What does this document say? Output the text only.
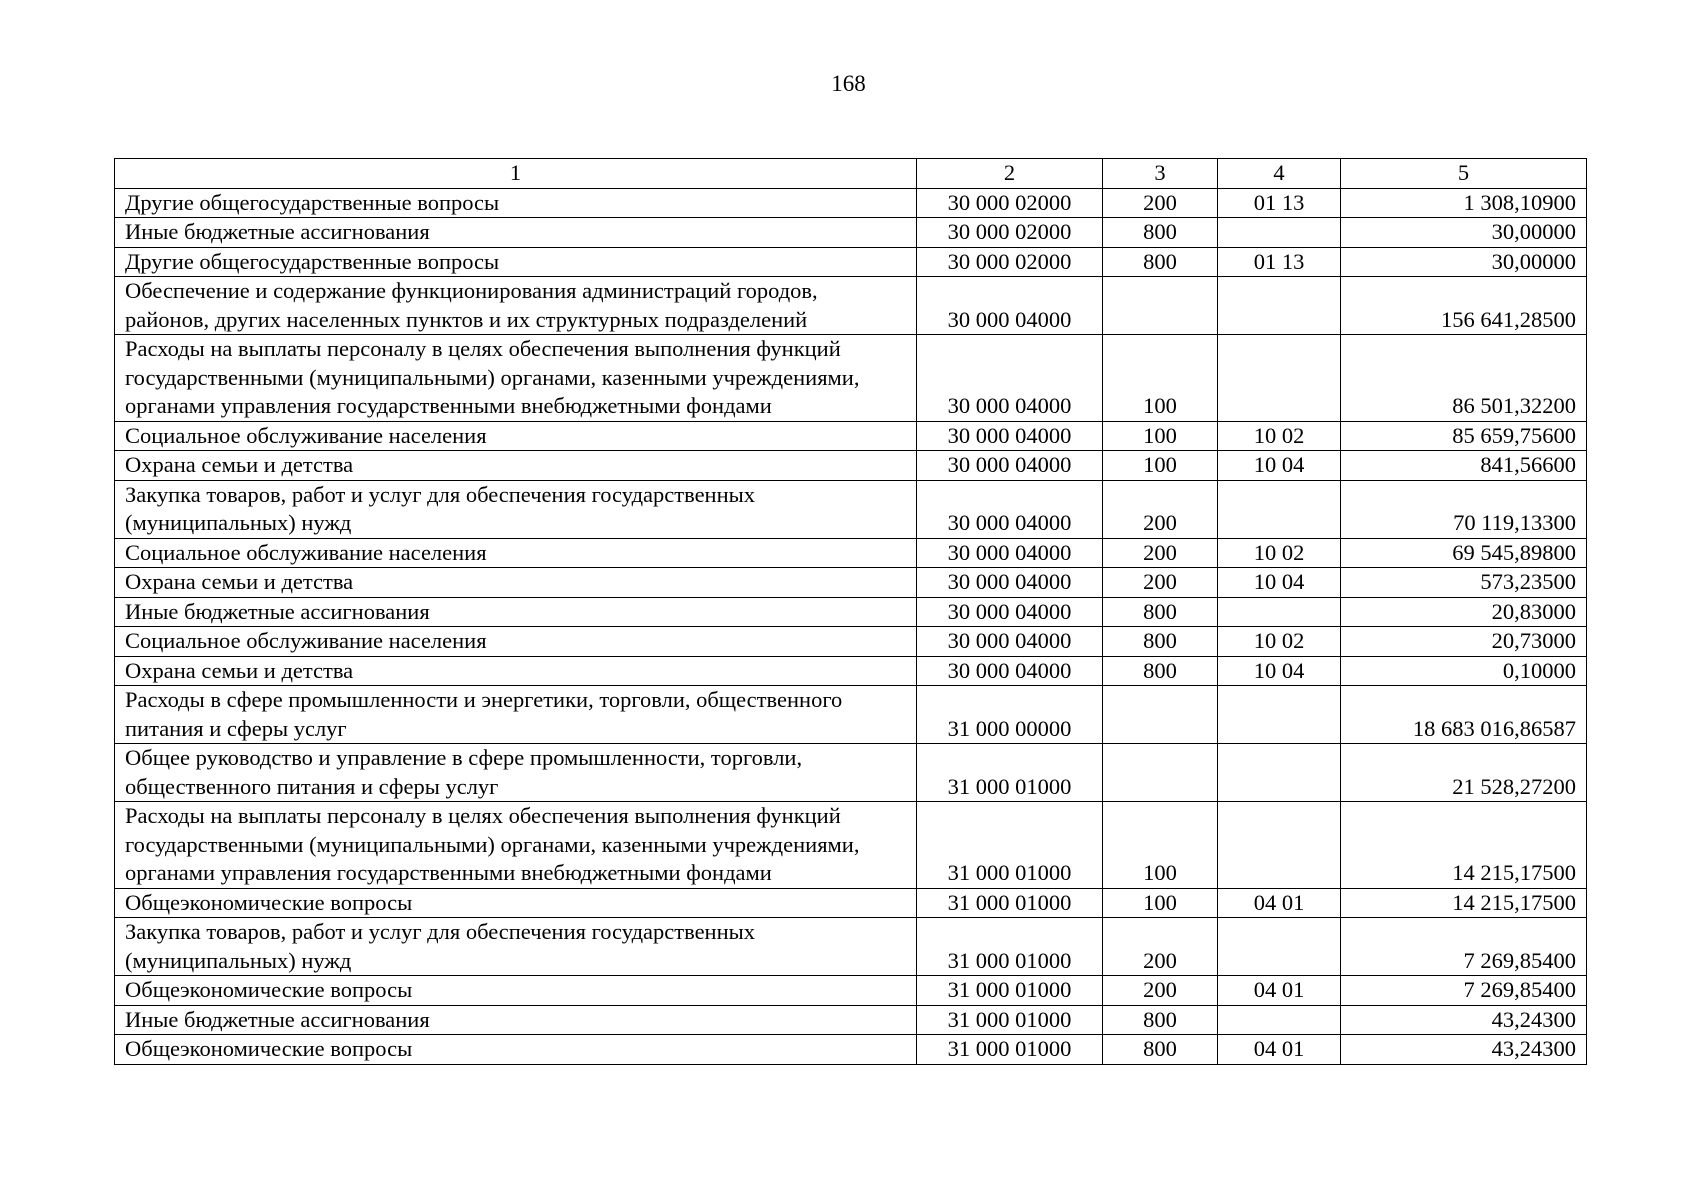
168
1	2	3	4	5
Другие общегосударственные вопросы	30 000 02000	200	01 13	1 308,10900
Иные бюджетные ассигнования	30 000 02000	800		30,00000
Другие общегосударственные вопросы	30 000 02000	800	01 13	30,00000
Обеспечение и содержание функционирования администраций городов, районов, других населенных пунктов и их структурных подразделений	30 000 04000			156 641,28500
Расходы на выплаты персоналу в целях обеспечения выполнения функций государственными (муниципальными) органами, казенными учреждениями, органами управления государственными внебюджетными фондами	30 000 04000	100		86 501,32200
Социальное обслуживание населения	30 000 04000	100	10 02	85 659,75600
Охрана семьи и детства	30 000 04000	100	10 04	841,56600
Закупка товаров, работ и услуг для обеспечения государственных (муниципальных) нужд	30 000 04000	200		70 119,13300
Социальное обслуживание населения	30 000 04000	200	10 02	69 545,89800
Охрана семьи и детства	30 000 04000	200	10 04	573,23500
Иные бюджетные ассигнования	30 000 04000	800		20,83000
Социальное обслуживание населения	30 000 04000	800	10 02	20,73000
Охрана семьи и детства	30 000 04000	800	10 04	0,10000
Расходы в сфере промышленности и энергетики, торговли, общественного питания и сферы услуг	31 000 00000			18 683 016,86587
Общее руководство и управление в сфере промышленности, торговли, общественного питания и сферы услуг	31 000 01000			21 528,27200
Расходы на выплаты персоналу в целях обеспечения выполнения функций государственными (муниципальными) органами, казенными учреждениями, органами управления государственными внебюджетными фондами	31 000 01000	100		14 215,17500
Общеэкономические вопросы	31 000 01000	100	04 01	14 215,17500
Закупка товаров, работ и услуг для обеспечения государственных (муниципальных) нужд	31 000 01000	200		7 269,85400
Общеэкономические вопросы	31 000 01000	200	04 01	7 269,85400
Иные бюджетные ассигнования	31 000 01000	800		43,24300
Общеэкономические вопросы	31 000 01000	800	04 01	43,24300
